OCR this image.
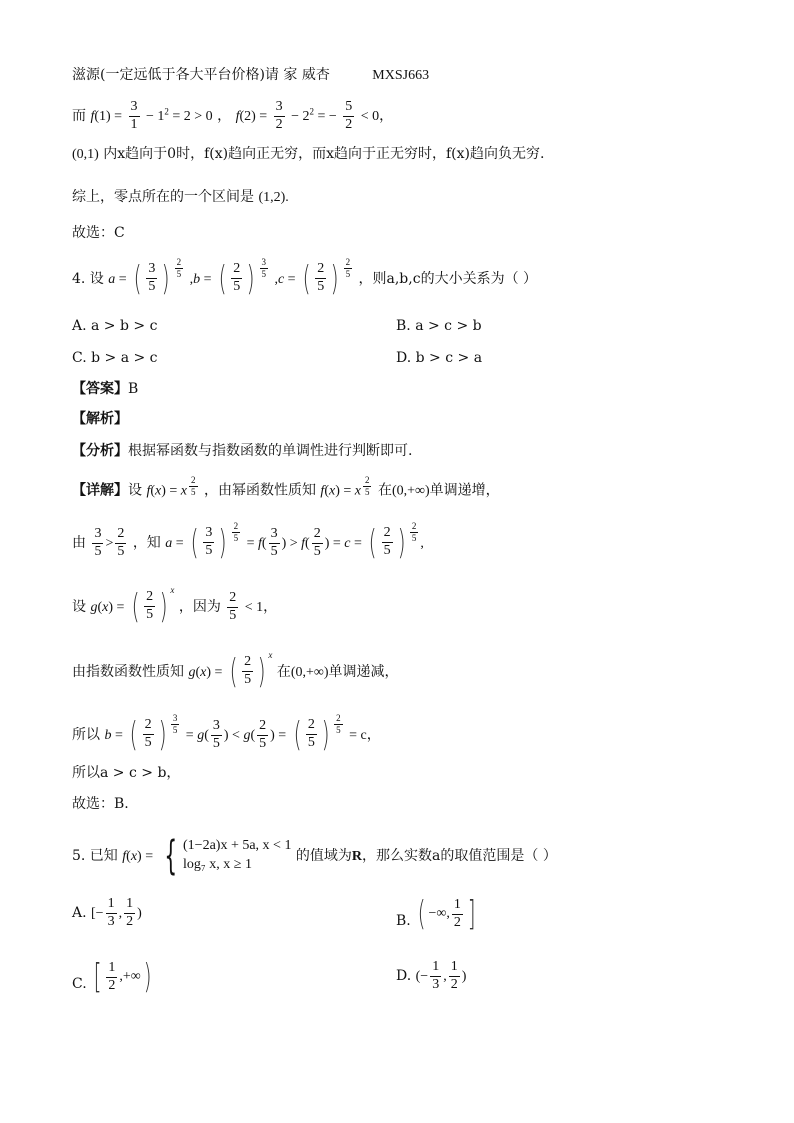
滋源(一定远低于各大平台价格)请 家 威杏	MXSJ663
而 $f(1) = \frac{3}{1} - 1^2 = 2 > 0$ ， $f(2) = \frac{3}{2} - 2^2$ = − $\frac{5}{2} < 0$，
(0,1) 内x趋向于0时，f(x)趋向正无穷，而x趋向于正无穷时，f(x)趋向负无穷.
综上，零点所在的一个区间是 (1,2).
故选：C
4. 设 a = ( $\frac{3}{5}$ ) $\frac{2}{5} ,b$ = ( $\frac{2}{5}$ ) $\frac{3}{5} ,c$ = ( $\frac{2}{5}$ ) $\frac{2}{5}$ ，则a,b,c的大小关系为（ ）
A. a > b > c	B. a > c > b
C. b > a > c	D. b > c > a
【答案】B
【解析】
【分析】根据幂函数与指数函数的单调性进行判断即可.
【详解】设 f(x) = x $^{\frac{2}{5}}$ ，由幂函数性质知 f(x) = x $^{\frac{2}{5}}$ 在(0,+∞)单调递增，
由 $\frac{3}{5} > \frac{2}{5}$ ，知 a = ( $\frac{3}{5}$ ) $\frac{2}{5} = f( \frac{3}{5}$ ) > $f( \frac{2}{5}$ ) = c = ( $\frac{2}{5}$ ) $\frac{2}{5}$ ,
设 g(x) = ( $\frac{2}{5}$ ) x
，因为 $\frac{2}{5} < 1$，
由指数函数性质知 g(x) = ( $\frac{2}{5}$ ) x
在(0,+∞)单调递减，
所以 b = ( $\frac{2}{5}$ ) $\frac{3}{5} = g( \frac{3}{5}$ ) < $g( \frac{2}{5}$ ) = ( $\frac{2}{5}$ ) $\frac{2}{5} = c$，
所以a > c > b，
故选：B.
5. 已知 f(x) = { (1−2a)x + 5a, x < 1
log₇ x, x ≥ 1
的值域为R，那么实数a的取值范围是（ ）
A. [− $\frac{1}{3}$ , $\frac{1}{2}$ )	B. ( −∞, $\frac{1}{2}$ ]
C. [ $\frac{1}{2}$ ,+∞ )	D. (− $\frac{1}{3}$ , $\frac{1}{2}$ )
